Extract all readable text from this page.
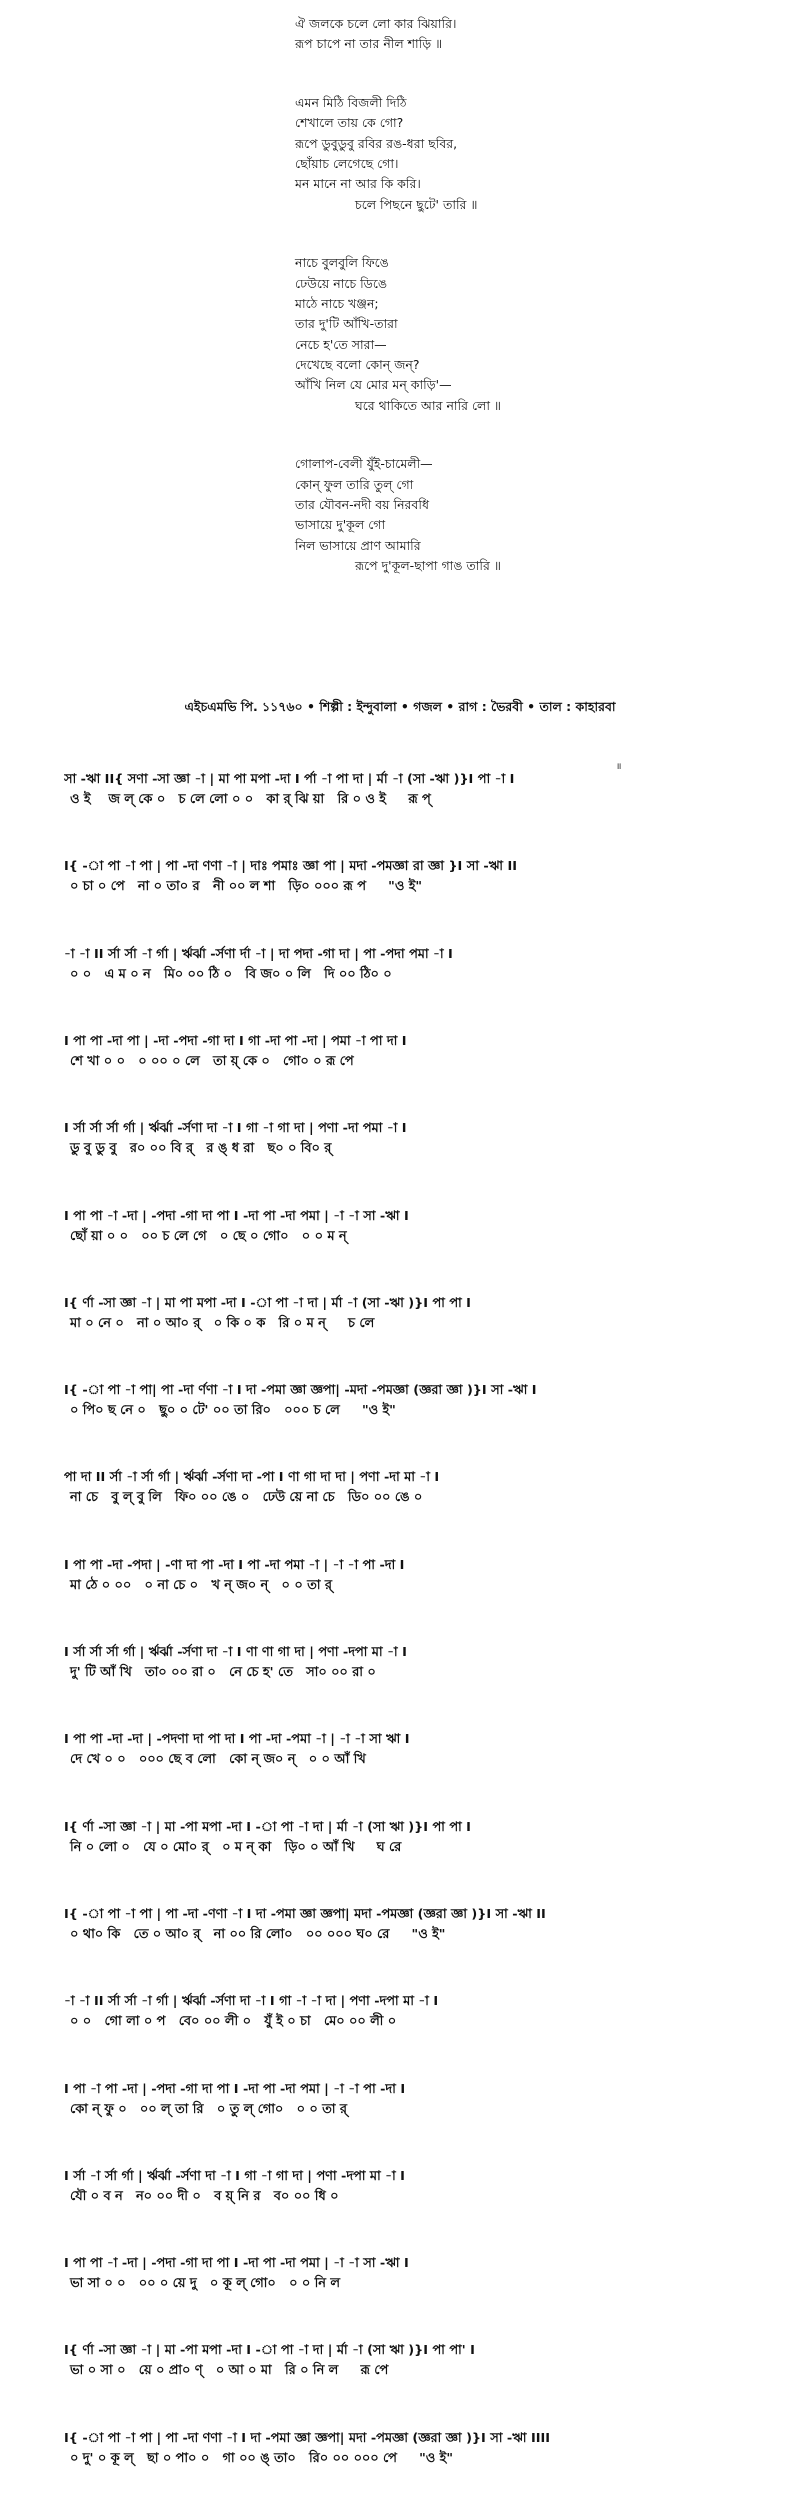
ঐ জলকে চলে লো কার ঝিয়ারি।
রূপ চাপে না তার নীল শাড়ি ॥
এমন মিঠি বিজলী দিঠি
শেখালে তায় কে গো?
রূপে ডুবুডুবু রবির রঙ-ধরা ছবির,
ছোঁয়াচ লেগেছে গো।
মন মানে না আর কি করি।
চলে পিছনে ছুটে' তারি ॥
নাচে বুলবুলি ফিঙে
ঢেউয়ে নাচে ডিঙে
মাঠে নাচে খঞ্জন;
তার দু'টি আঁখি-তারা
নেচে হ'তে সারা—
দেখেছে বলো কোন্ জন্?
আঁখি নিল যে মোর মন্ কাড়ি'—
ঘরে থাকিতে আর নারি লো ॥
গোলাপ-বেলী যুঁই-চামেলী—
কোন্ ফুল তারি তুল্ গো
তার যৌবন-নদী বয় নিরবধি
ভাসায়ে দু'কূল গো
নিল ভাসায়ে প্রাণ আমারি
রূপে দু'কূল-ছাপা গাঙ তারি ॥
এইচএমভি পি. ১১৭৬০ • শিল্পী : ইন্দুবালা • গজল • রাগ : ভৈরবী • তাল : কাহারবা
॥
সা -ঋা II{ সণা -সা জ্ঞা -া | মা পা মপা -দা I র্পা -া পা দা | র্মা -া (সা -ঋা )}I পা -া I
ও ই    জ ল্ কে ০   চ লে লো ০ ০   কা র্ ঝি য়া   রি ০ ও ই     রূ প্
I{ -া পা -া পা | পা -দা ণণা -া | দাঃ পমাঃ জ্ঞা পা | মদা -পমজ্ঞা রা জ্ঞা }I সা -ঋা II
০ চা ০ পে   না ০ তা০ র   নী ০০ ল শা   ড়ি০ ০০০ রূ প     "ও ই"
-া -া II র্সা র্সা -া র্গা | র্ঋর্ঝা -র্সণা র্দা -া | দা পদা -গা দা | পা -পদা পমা -া I
০ ০   এ ম ০ ন   মি০ ০০ ঠি ০   বি জ০ ০ লি   দি ০০ ঠি০ ০
I পা পা -দা পা | -দা -পদা -গা দা I গা -দা পা -দা | পমা -া পা দা I
শে খা ০ ০   ০ ০০ ০ লে   তা য়্ কে ০   গো০ ০ রূ পে
I র্সা র্সা র্সা র্গা | র্ঋর্ঝা -র্সণা দা -া I গা -া গা দা | পণা -দা পমা -া I
ডু বু ডু বু   র০ ০০ বি র্   র ঙ্ ধ রা   ছ০ ০ বি০ র্
I পা পা -া -দা | -পদা -গা দা পা I -দা পা -দা পমা | -া -া সা -ঋা I
ছোঁ য়া ০ ০   ০০ চ লে গে   ০ ছে ০ গো০   ০ ০ ম ন্
I{ র্ণা -সা জ্ঞা -া | মা পা মপা -দা I -া পা -া দা | র্মা -া (সা -ঋা )}I পা পা I
মা ০ নে ০   না ০ আ০ র্   ০ কি ০ ক   রি ০ ম ন্     চ লে
I{ -া পা -া পা| পা -দা র্ণণা -া I দা -পমা জ্ঞা জ্ঞপা| -মদা -পমজ্ঞা (জ্ঞরা জ্ঞা )}I সা -ঋা I
০ পি০ ছ নে ০   ছু০ ০ টে' ০০ তা রি০   ০০০ চ লে     "ও ই"
পা দা II র্সা -া র্সা র্গা | র্ঋর্ঝা -র্সণা দা -পা I ণা গা দা দা | পণা -দা মা -া I
না চে   বু ল্ বু লি   ফি০ ০০ ঙে ০   ঢেউ য়ে না চে   ডি০ ০০ ঙে ০
I পা পা -দা -পদা | -ণা দা পা -দা I পা -দা পমা -া | -া -া পা -দা I
মা ঠে ০ ০০   ০ না চে ০   খ ন্ জ০ ন্   ০ ০ তা র্
I র্সা র্সা র্সা র্গা | র্ঋর্ঝা -র্সণা দা -া I ণা ণা গা দা | পণা -দপা মা -া I
দু' টি আঁ খি   তা০ ০০ রা ০   নে চে হ' তে   সা০ ০০ রা ০
I পা পা -দা -দা | -পদণা দা পা দা I পা -দা -পমা -া | -া -া সা ঋা I
দে খে ০ ০   ০০০ ছে ব লো   কো ন্ জ০ ন্   ০ ০ আঁ খি
I{ র্ণা -সা জ্ঞা -া | মা -পা মপা -দা I -া পা -া দা | র্মা -া (সা ঋা )}I পা পা I
নি ০ লো ০   যে ০ মো০ র্   ০ ম ন্ কা   ড়ি০ ০ আঁ খি     ঘ রে
I{ -া পা -া পা | পা -দা -ণণা -া I দা -পমা জ্ঞা জ্ঞপা| মদা -পমজ্ঞা (জ্ঞরা জ্ঞা )}I সা -ঋা II
০ থা০ কি   তে ০ আ০ র্   না ০০ রি লো০   ০০ ০০০ ঘ০ রে     "ও ই"
-া -া II র্সা র্সা -া র্গা | র্ঋর্ঝা -র্সণা দা -া I গা -া -া দা | পণা -দপা মা -া I
০ ০   গো লা ০ প   বে০ ০০ লী ০   যুঁ ই ০ চা   মে০ ০০ লী ০
I পা -া পা -দা | -পদা -গা দা পা I -দা পা -দা পমা | -া -া পা -দা I
কো ন্ ফু ০   ০০ ল্ তা রি   ০ তু ল্ গো০   ০ ০ তা র্
I র্সা -া র্সা র্গা | র্ঋর্ঝা -র্সণা দা -া I গা -া গা দা | পণা -দপা মা -া I
যৌ ০ ব ন   ন০ ০০ দী ০   ব য়্ নি র   ব০ ০০ ধি ০
I পা পা -া -দা | -পদা -গা দা পা I -দা পা -দা পমা | -া -া সা -ঋা I
ভা সা ০ ০   ০০ ০ য়ে দু   ০ কূ ল্ গো০   ০ ০ নি ল
I{ র্ণা -সা জ্ঞা -া | মা -পা মপা -দা I -া পা -া দা | র্মা -া (সা ঋা )}I পা পা' I
ভা ০ সা ০   য়ে ০ প্রা০ ণ্   ০ আ ০ মা   রি ০ নি ল     রূ পে
I{ -া পা -া পা | পা -দা ণণা -া I দা -পমা জ্ঞা জ্ঞপা| মদা -পমজ্ঞা (জ্ঞরা জ্ঞা )}I সা -ঋা IIII
০ দু' ০ কূ ল্   ছা ০ পা০ ০   গা ০০ ঙ্ তা০   রি০ ০০ ০০০ পে     "ও ই"
